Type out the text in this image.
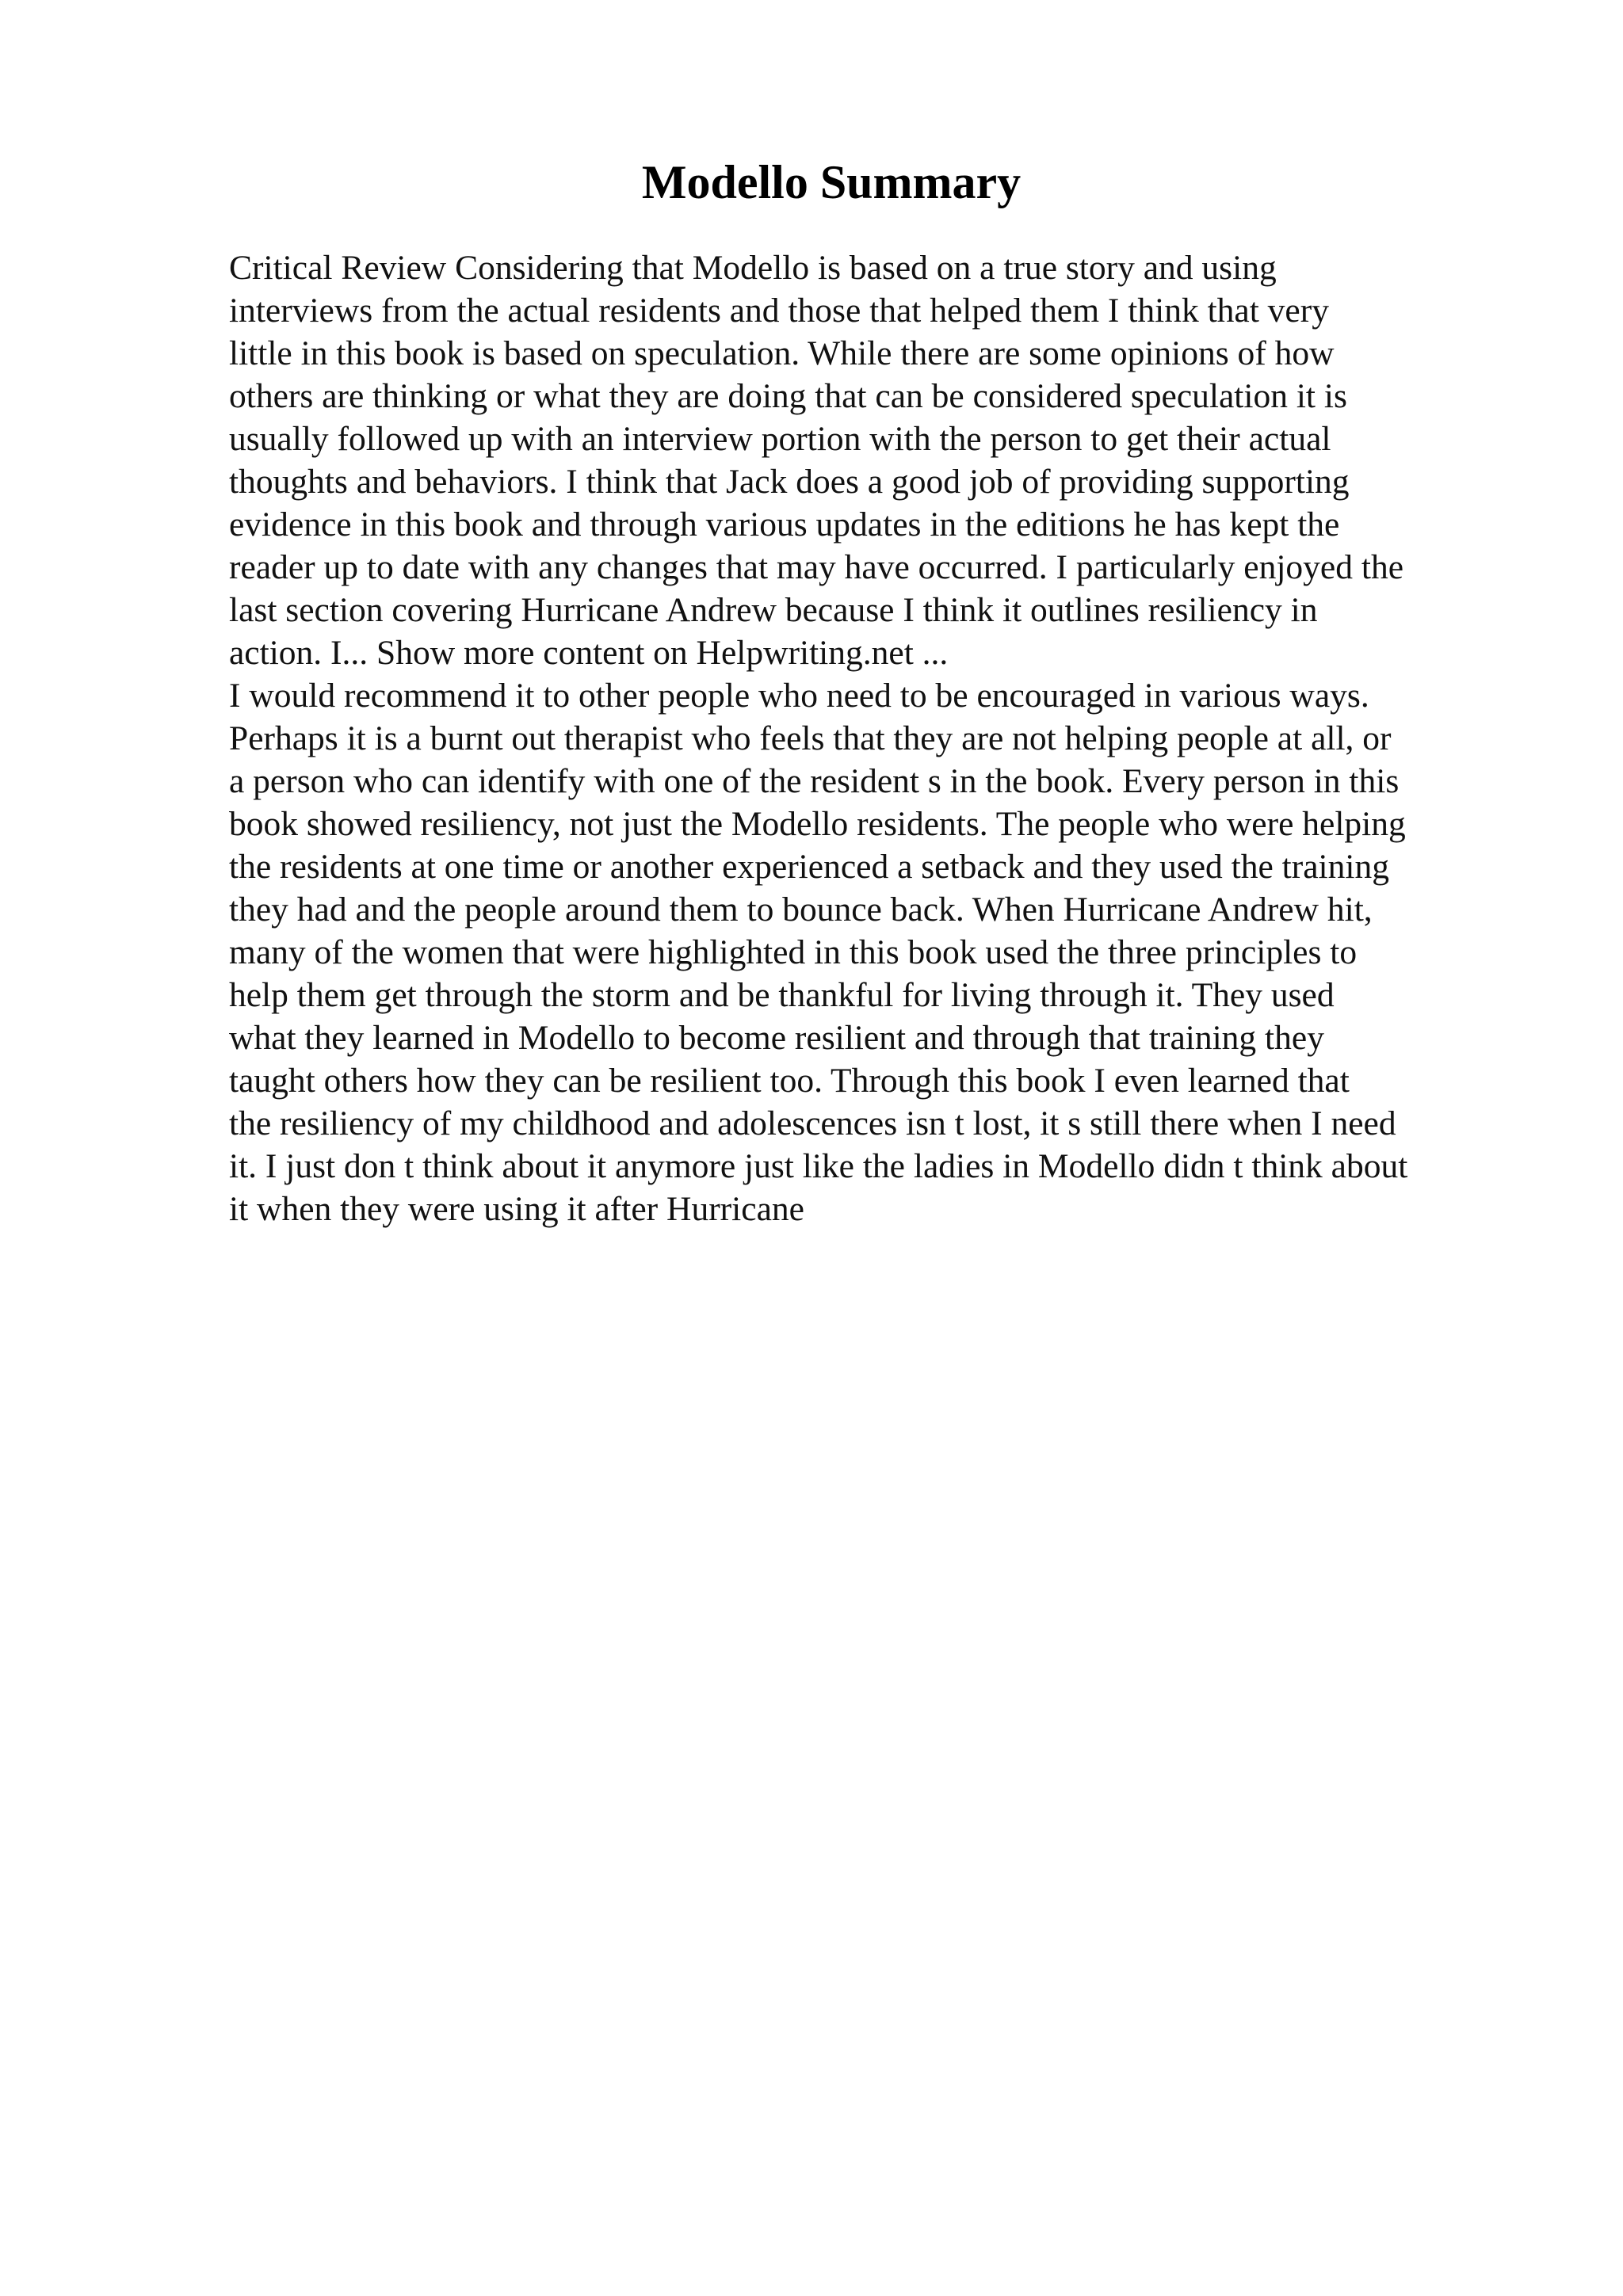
Modello Summary
Critical Review Considering that Modello is based on a true story and using
interviews from the actual residents and those that helped them I think that very
little in this book is based on speculation. While there are some opinions of how
others are thinking or what they are doing that can be considered speculation it is
usually followed up with an interview portion with the person to get their actual
thoughts and behaviors. I think that Jack does a good job of providing supporting
evidence in this book and through various updates in the editions he has kept the
reader up to date with any changes that may have occurred. I particularly enjoyed the
last section covering Hurricane Andrew because I think it outlines resiliency in
action. I... Show more content on Helpwriting.net ...
I would recommend it to other people who need to be encouraged in various ways.
Perhaps it is a burnt out therapist who feels that they are not helping people at all, or
a person who can identify with one of the resident s in the book. Every person in this
book showed resiliency, not just the Modello residents. The people who were helping
the residents at one time or another experienced a setback and they used the training
they had and the people around them to bounce back. When Hurricane Andrew hit,
many of the women that were highlighted in this book used the three principles to
help them get through the storm and be thankful for living through it. They used
what they learned in Modello to become resilient and through that training they
taught others how they can be resilient too. Through this book I even learned that
the resiliency of my childhood and adolescences isn t lost, it s still there when I need
it. I just don t think about it anymore just like the ladies in Modello didn t think about
it when they were using it after Hurricane
